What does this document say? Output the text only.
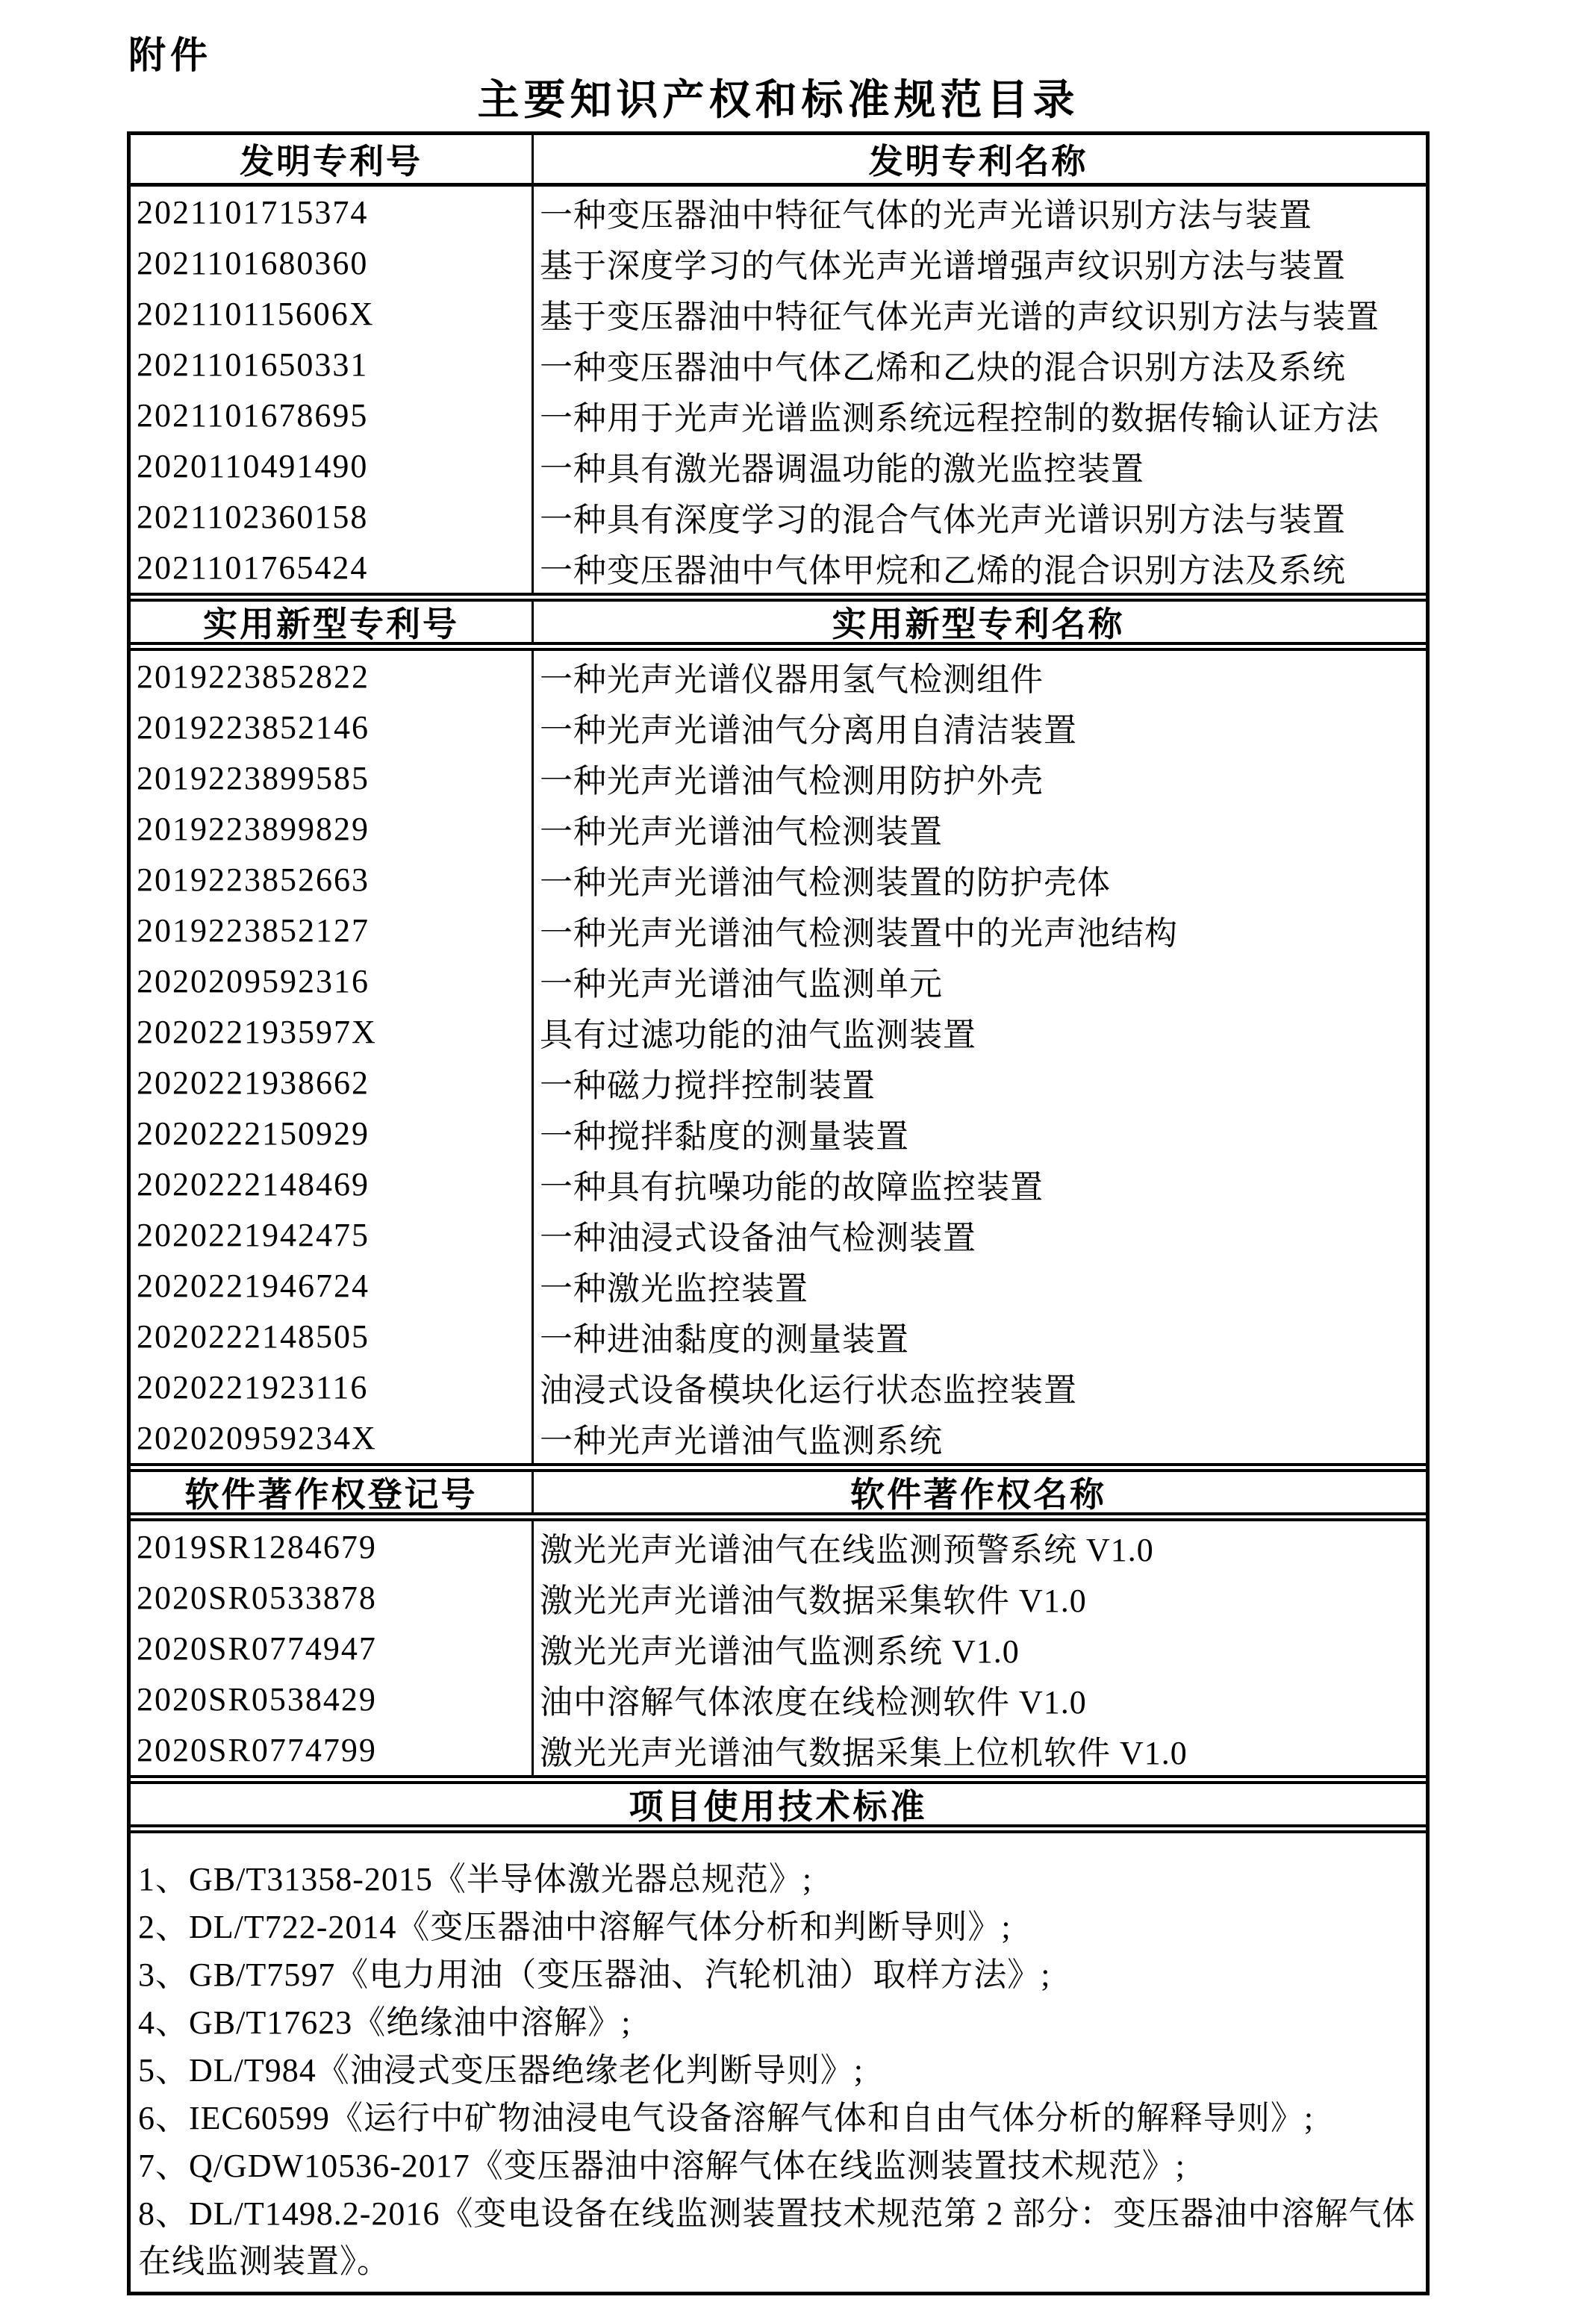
附件
主要知识产权和标准规范目录
发明专利号	发明专利名称
2021101715374	一种变压器油中特征气体的光声光谱识别方法与装置
2021101680360	基于深度学习的气体光声光谱增强声纹识别方法与装置
202110115606X	基于变压器油中特征气体光声光谱的声纹识别方法与装置
2021101650331	一种变压器油中气体乙烯和乙炔的混合识别方法及系统
2021101678695	一种用于光声光谱监测系统远程控制的数据传输认证方法
2020110491490	一种具有激光器调温功能的激光监控装置
2021102360158	一种具有深度学习的混合气体光声光谱识别方法与装置
2021101765424	一种变压器油中气体甲烷和乙烯的混合识别方法及系统
实用新型专利号	实用新型专利名称
2019223852822	一种光声光谱仪器用氢气检测组件
2019223852146	一种光声光谱油气分离用自清洁装置
2019223899585	一种光声光谱油气检测用防护外壳
2019223899829	一种光声光谱油气检测装置
2019223852663	一种光声光谱油气检测装置的防护壳体
2019223852127	一种光声光谱油气检测装置中的光声池结构
2020209592316	一种光声光谱油气监测单元
202022193597X	具有过滤功能的油气监测装置
2020221938662	一种磁力搅拌控制装置
2020222150929	一种搅拌黏度的测量装置
2020222148469	一种具有抗噪功能的故障监控装置
2020221942475	一种油浸式设备油气检测装置
2020221946724	一种激光监控装置
2020222148505	一种进油黏度的测量装置
2020221923116	油浸式设备模块化运行状态监控装置
202020959234X	一种光声光谱油气监测系统
软件著作权登记号	软件著作权名称
2019SR1284679	激光光声光谱油气在线监测预警系统 V1.0
2020SR0533878	激光光声光谱油气数据采集软件 V1.0
2020SR0774947	激光光声光谱油气监测系统 V1.0
2020SR0538429	油中溶解气体浓度在线检测软件 V1.0
2020SR0774799	激光光声光谱油气数据采集上位机软件 V1.0
项目使用技术标准
1、GB/T31358-2015《半导体激光器总规范》;
2、DL/T722-2014《变压器油中溶解气体分析和判断导则》;
3、GB/T7597《电力用油（变压器油、汽轮机油）取样方法》;
4、GB/T17623《绝缘油中溶解》;
5、DL/T984《油浸式变压器绝缘老化判断导则》;
6、IEC60599《运行中矿物油浸电气设备溶解气体和自由气体分析的解释导则》;
7、Q/GDW10536-2017《变压器油中溶解气体在线监测装置技术规范》;
8、DL/T1498.2-2016《变电设备在线监测装置技术规范第 2 部分：变压器油中溶解气体在线监测装置》。
